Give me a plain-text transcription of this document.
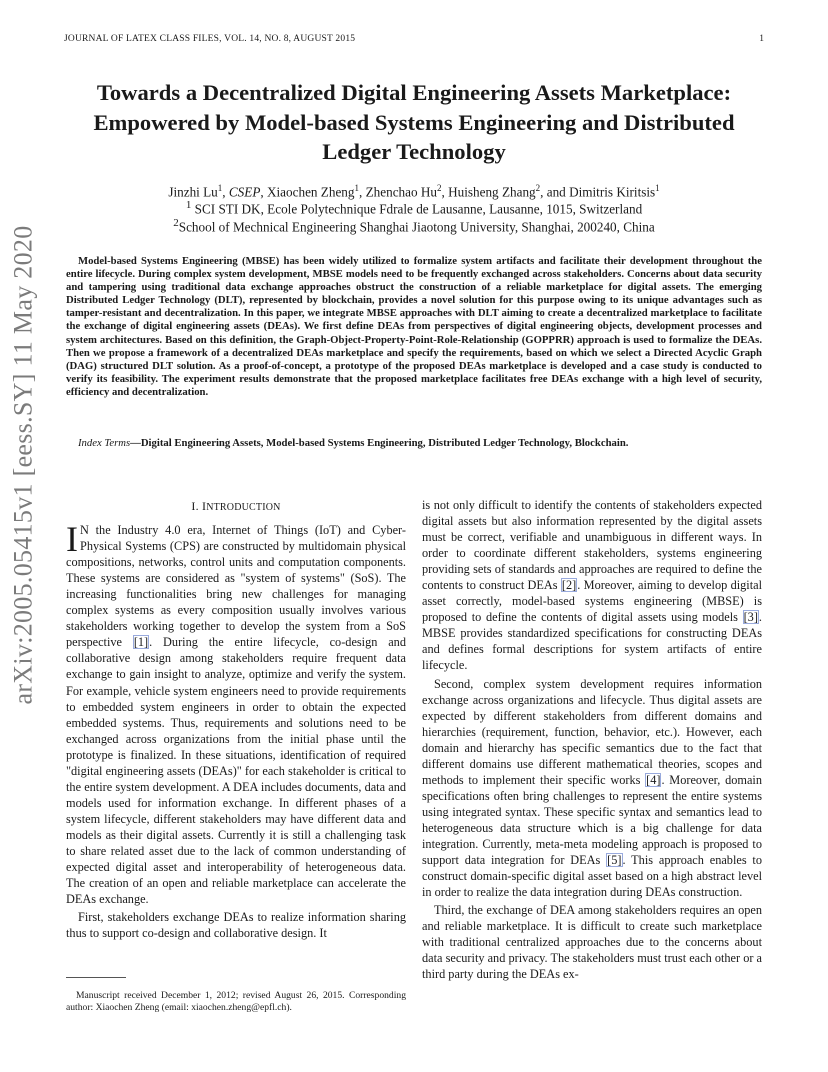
JOURNAL OF LATEX CLASS FILES, VOL. 14, NO. 8, AUGUST 2015	1
arXiv:2005.05415v1 [eess.SY] 11 May 2020
Towards a Decentralized Digital Engineering Assets Marketplace:
Empowered by Model-based Systems Engineering and Distributed
Ledger Technology
Jinzhi Lu$^1$, CSEP, Xiaochen Zheng$^1$, Zhenchao Hu$^2$, Huisheng Zhang$^2$, and Dimitris Kiritsis$^1$
$^1$ SCI STI DK, Ecole Polytechnique Fdrale de Lausanne, Lausanne, 1015, Switzerland
$^2$School of Mechnical Engineering Shanghai Jiaotong University, Shanghai, 200240, China
Model-based Systems Engineering (MBSE) has been widely utilized to formalize system artifacts and facilitate their development throughout the entire lifecycle. During complex system development, MBSE models need to be frequently exchanged across stakeholders. Concerns about data security and tampering using traditional data exchange approaches obstruct the construction of a reliable marketplace for digital assets. The emerging Distributed Ledger Technology (DLT), represented by blockchain, provides a novel solution for this purpose owing to its unique advantages such as tamper-resistant and decentralization. In this paper, we integrate MBSE approaches with DLT aiming to create a decentralized marketplace to facilitate the exchange of digital engineering assets (DEAs). We first define DEAs from perspectives of digital engineering objects, development processes and system architectures. Based on this definition, the Graph-Object-Property-Point-Role-Relationship (GOPPRR) approach is used to formalize the DEAs. Then we propose a framework of a decentralized DEAs marketplace and specify the requirements, based on which we select a Directed Acyclic Graph (DAG) structured DLT solution. As a proof-of-concept, a prototype of the proposed DEAs marketplace is developed and a case study is conducted to verify its feasibility. The experiment results demonstrate that the proposed marketplace facilitates free DEAs exchange with a high level of security, efficiency and decentralization.
Index Terms—Digital Engineering Assets, Model-based Systems Engineering, Distributed Ledger Technology, Blockchain.
I. INTRODUCTION

I N the Industry 4.0 era, Internet of Things (IoT) and Cyber-Physical Systems (CPS) are constructed by multidomain physical compositions, networks, control units and computation components. These systems are considered as "system of systems" (SoS). The increasing functionalities bring new challenges for managing complex systems as every composition usually involves various stakeholders working together to develop the system from a SoS perspective [1]. During the entire lifecycle, co-design and collaborative design among stakeholders require frequent data exchange to gain insight to analyze, optimize and verify the system. For example, vehicle system engineers need to provide requirements to embedded system engineers in order to obtain the expected embedded systems. Thus, requirements and solutions need to be exchanged across organizations from the initial phase until the prototype is finalized. In these situations, identification of required "digital engineering assets (DEAs)" for each stakeholder is critical to the entire system development. A DEA includes documents, data and models used for information exchange. In different phases of a system lifecycle, different stakeholders may have different data and models as their digital assets. Currently it is still a challenging task to share related asset due to the lack of common understanding of expected digital asset and interoperability of heterogeneous data. The creation of an open and reliable marketplace can accelerate the DEAs exchange.

First, stakeholders exchange DEAs to realize information sharing thus to support co-design and collaborative design. It

is not only difficult to identify the contents of stakeholders expected digital assets but also information represented by the digital assets must be correct, verifiable and unambiguous in different ways. In order to coordinate different stakeholders, systems engineering providing sets of standards and approaches are required to define the contents to construct DEAs [2]. Moreover, aiming to develop digital asset correctly, model-based systems engineering (MBSE) is proposed to define the contents of digital assets using models [3]. MBSE provides standardized specifications for constructing DEAs and defines formal descriptions for system artifacts of entire lifecycle.

Second, complex system development requires information exchange across organizations and lifecycle. Thus digital assets are expected by different stakeholders from different domains and hierarchies (requirement, function, behavior, etc.). However, each domain and hierarchy has specific semantics due to the fact that different domains use different mathematical theories, scopes and methods to implement their specific works [4]. Moreover, domain specifications often bring challenges to represent the entire systems using integrated syntax. These specific syntax and semantics lead to heterogeneous data structure which is a big challenge for data integration. Currently, meta-meta modeling approach is proposed to support data integration for DEAs [5]. This approach enables to construct domain-specific digital asset based on a high abstract level in order to realize the data integration during DEAs construction.

Third, the exchange of DEA among stakeholders requires an open and reliable marketplace. It is difficult to create such marketplace with traditional centralized approaches due to the concerns about data security and privacy. The stakeholders must trust each other or a third party during the DEAs ex-

Manuscript received December 1, 2012; revised August 26, 2015. Corresponding author: Xiaochen Zheng (email: xiaochen.zheng@epfl.ch).
